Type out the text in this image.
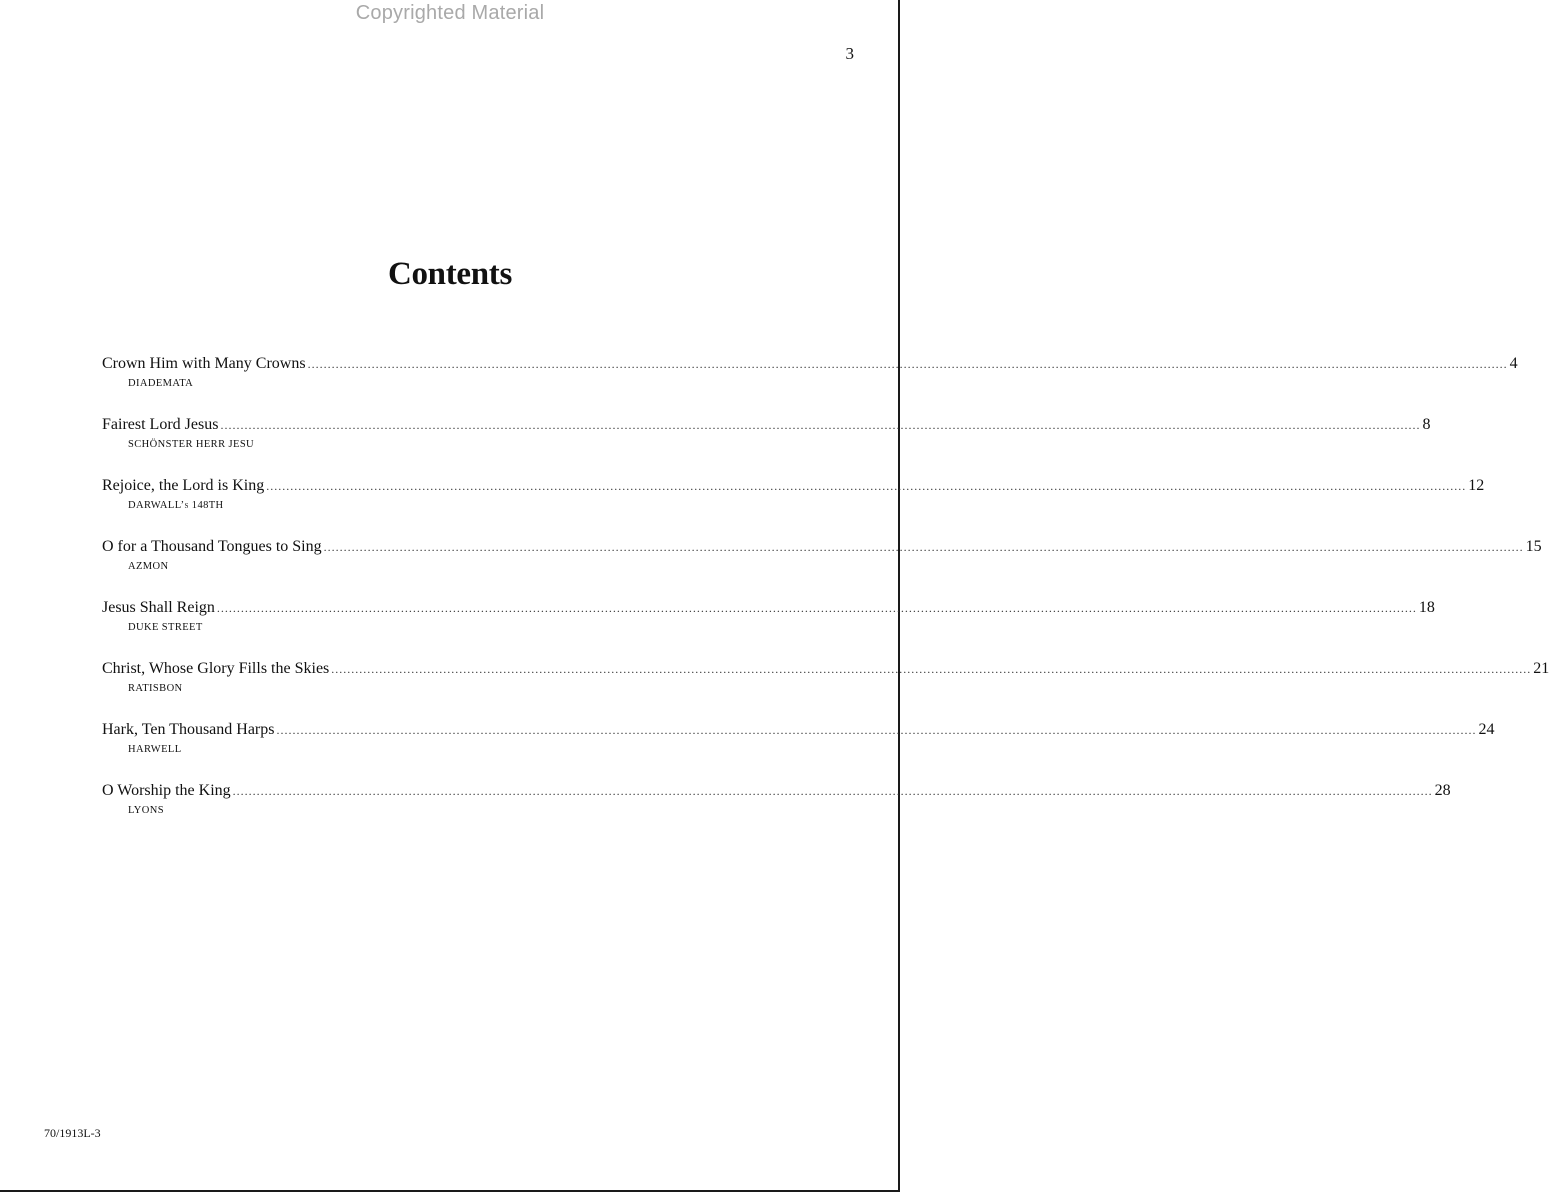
Copyrighted Material
3
Contents
Crown Him with Many Crowns ............................................................................................................................................................................................................................................................................................................ 4
DIADEMATA
Fairest Lord Jesus ............................................................................................................................................................................................................................................................................................................ 8
SCHÖNSTER HERR JESU
Rejoice, the Lord is King ............................................................................................................................................................................................................................................................................................................ 12
DARWALL’s 148TH
O for a Thousand Tongues to Sing ............................................................................................................................................................................................................................................................................................................ 15
AZMON
Jesus Shall Reign ............................................................................................................................................................................................................................................................................................................ 18
DUKE STREET
Christ, Whose Glory Fills the Skies ............................................................................................................................................................................................................................................................................................................ 21
RATISBON
Hark, Ten Thousand Harps ............................................................................................................................................................................................................................................................................................................ 24
HARWELL
O Worship the King ............................................................................................................................................................................................................................................................................................................ 28
LYONS
70/1913L-3
